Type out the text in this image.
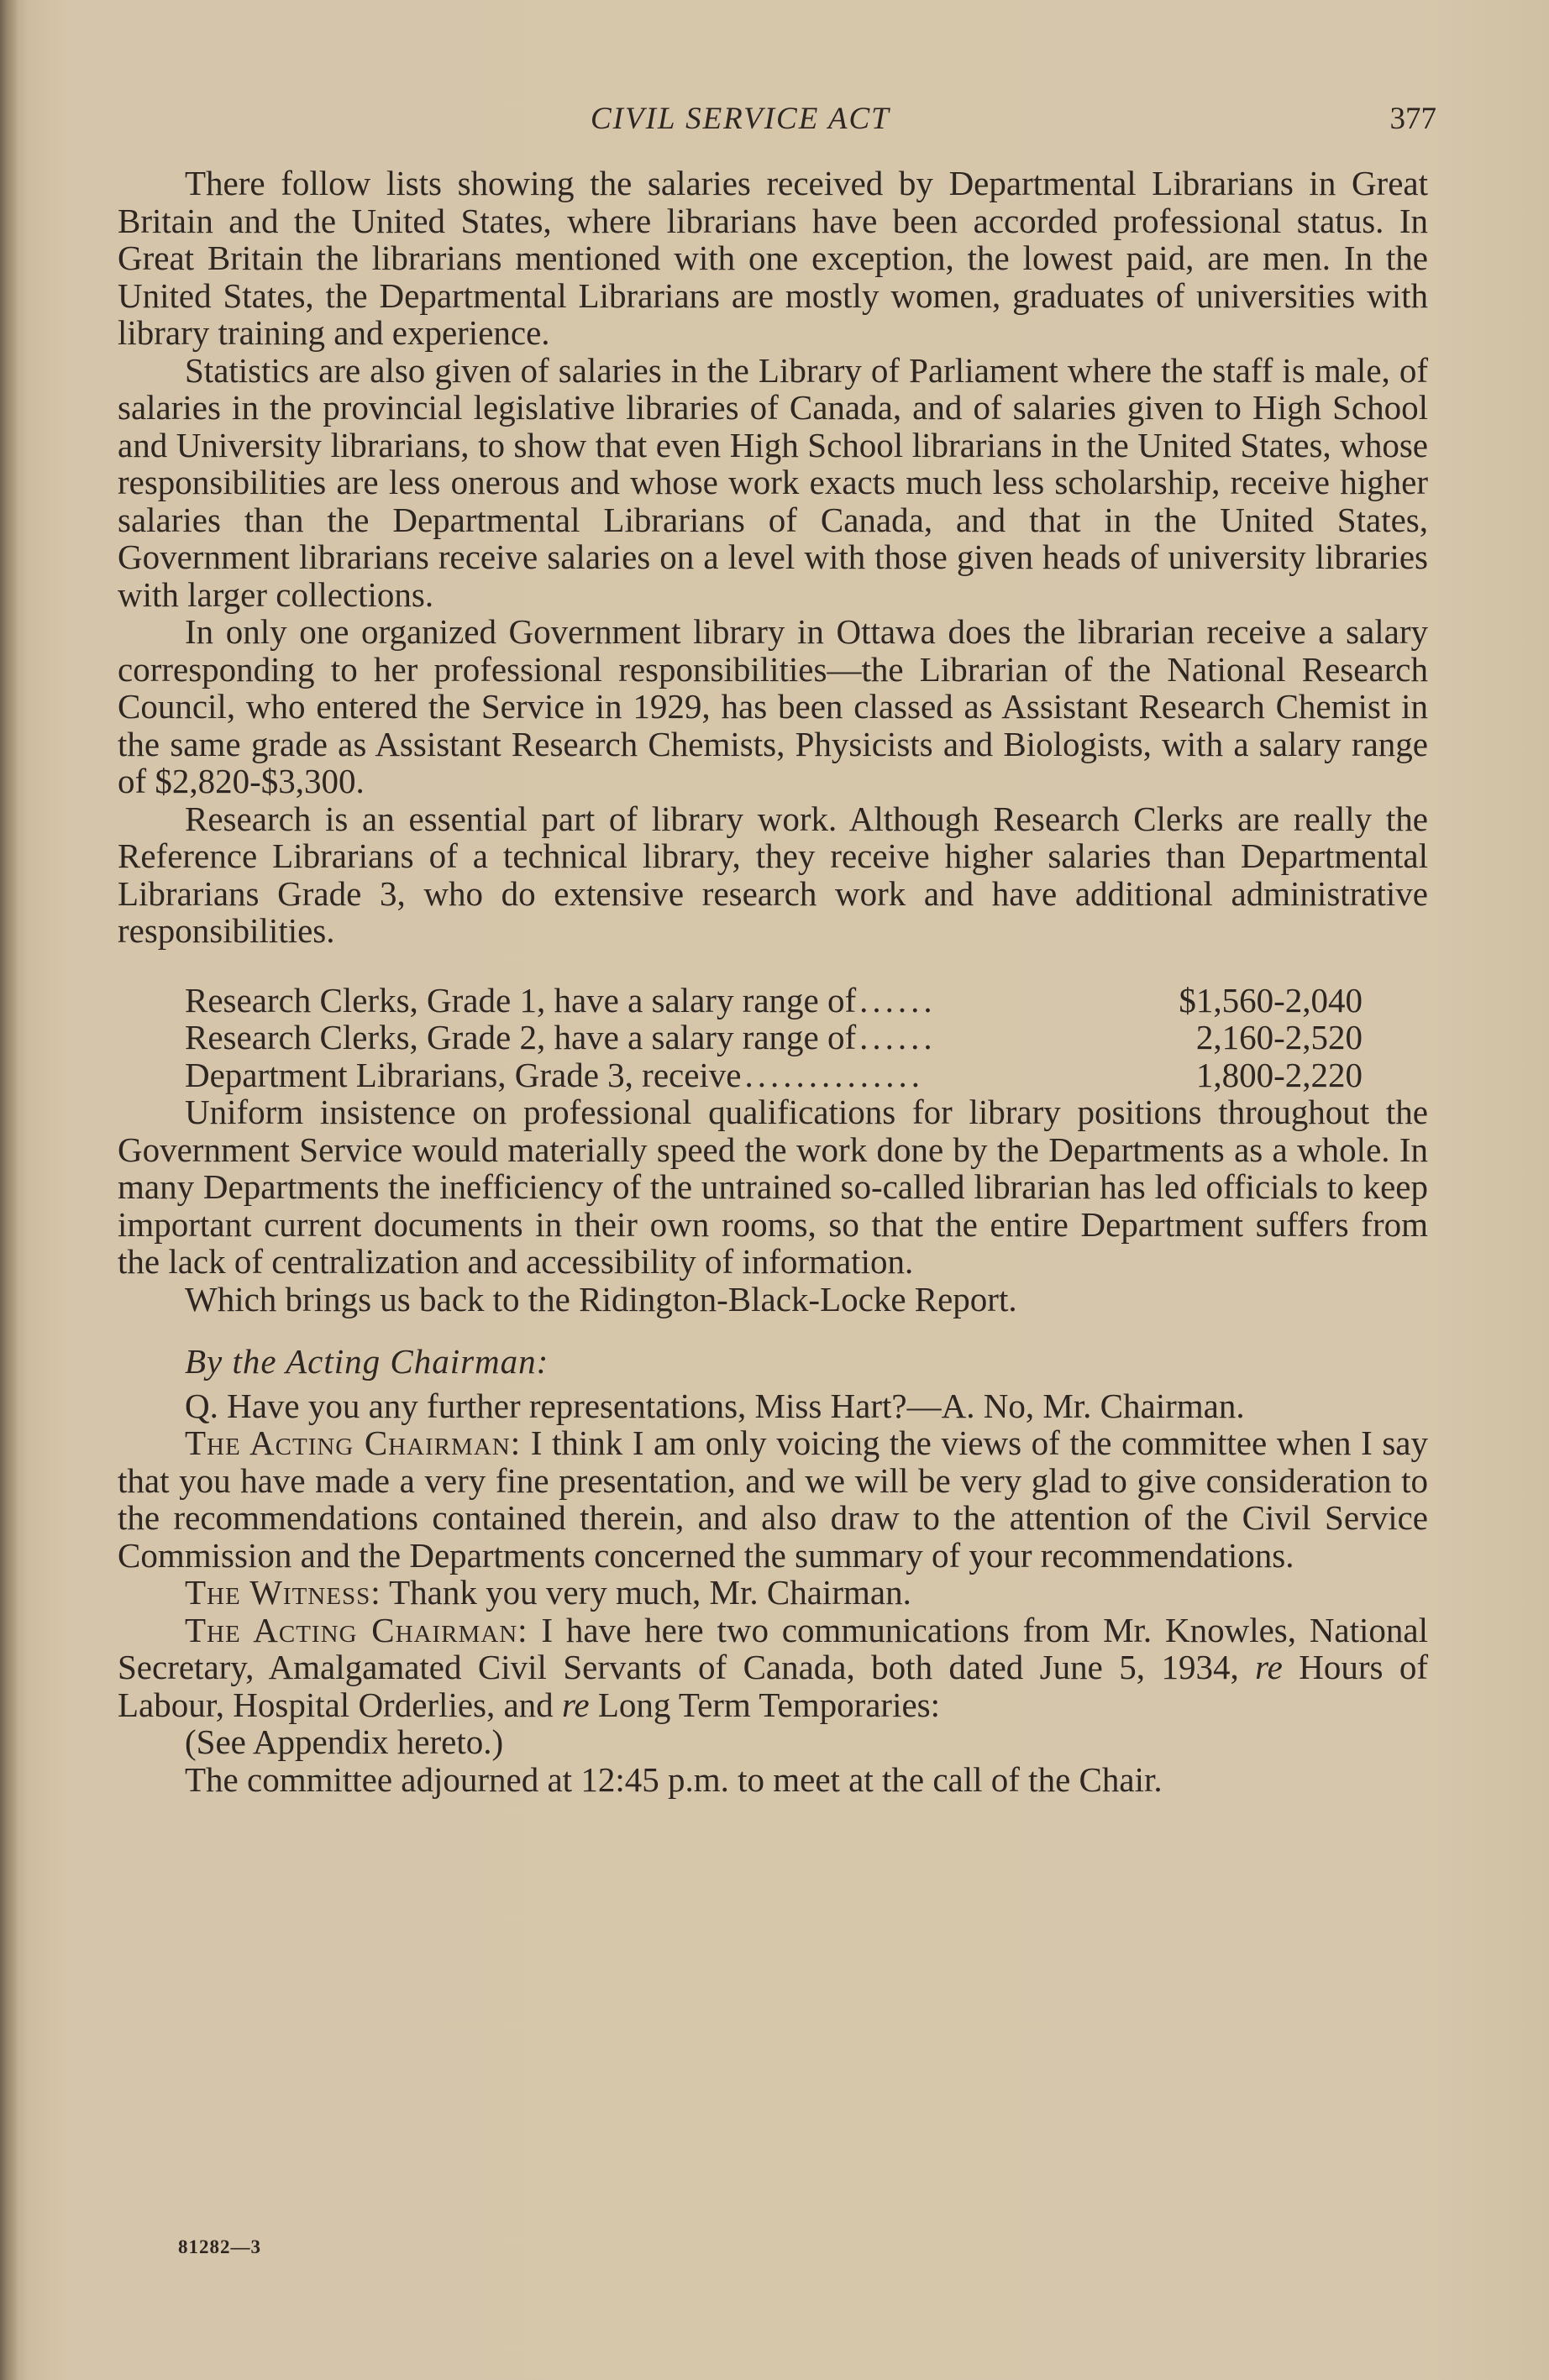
CIVIL SERVICE ACT	377

There follow lists showing the salaries received by Departmental Librarians in Great Britain and the United States, where librarians have been accorded professional status. In Great Britain the librarians mentioned with one exception, the lowest paid, are men. In the United States, the Departmental Librarians are mostly women, graduates of universities with library training and experience.

Statistics are also given of salaries in the Library of Parliament where the staff is male, of salaries in the provincial legislative libraries of Canada, and of salaries given to High School and University librarians, to show that even High School librarians in the United States, whose responsibilities are less onerous and whose work exacts much less scholarship, receive higher salaries than the Departmental Librarians of Canada, and that in the United States, Government librarians receive salaries on a level with those given heads of university libraries with larger collections.

In only one organized Government library in Ottawa does the librarian receive a salary corresponding to her professional responsibilities—the Librarian of the National Research Council, who entered the Service in 1929, has been classed as Assistant Research Chemist in the same grade as Assistant Research Chemists, Physicists and Biologists, with a salary range of $2,820-$3,300.

Research is an essential part of library work. Although Research Clerks are really the Reference Librarians of a technical library, they receive higher salaries than Departmental Librarians Grade 3, who do extensive research work and have additional administrative responsibilities.

Research Clerks, Grade 1, have a salary range of ......	$1,560-2,040
Research Clerks, Grade 2, have a salary range of ......	2,160-2,520
Department Librarians, Grade 3, receive ..............	1,800-2,220

Uniform insistence on professional qualifications for library positions throughout the Government Service would materially speed the work done by the Departments as a whole. In many Departments the inefficiency of the untrained so-called librarian has led officials to keep important current documents in their own rooms, so that the entire Department suffers from the lack of centralization and accessibility of information.

Which brings us back to the Ridington-Black-Locke Report.

By the Acting Chairman:

Q. Have you any further representations, Miss Hart?—A. No, Mr. Chairman.

The Acting Chairman: I think I am only voicing the views of the committee when I say that you have made a very fine presentation, and we will be very glad to give consideration to the recommendations contained therein, and also draw to the attention of the Civil Service Commission and the Departments concerned the summary of your recommendations.

The Witness: Thank you very much, Mr. Chairman.

The Acting Chairman: I have here two communications from Mr. Knowles, National Secretary, Amalgamated Civil Servants of Canada, both dated June 5, 1934, re Hours of Labour, Hospital Orderlies, and re Long Term Temporaries:

(See Appendix hereto.)

The committee adjourned at 12:45 p.m. to meet at the call of the Chair.

81282—3
